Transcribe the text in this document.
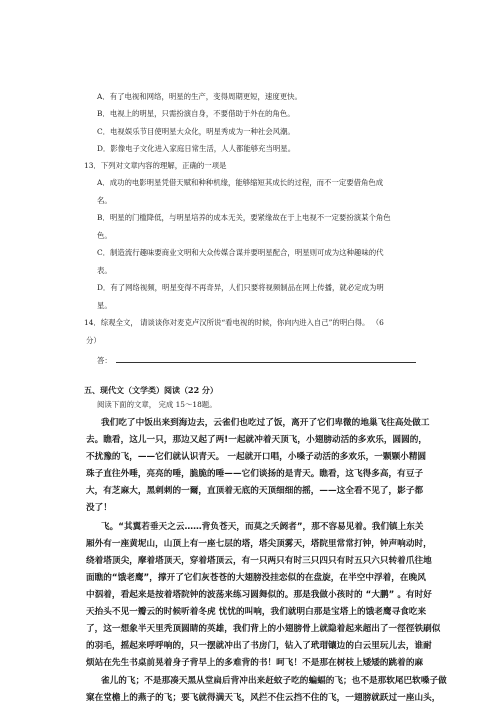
A．有了电视和网络，明星的生产，变得周期更短，速度更快。
B．电视上的明星，只需扮演自身，不要借助于外在的角色。
C．电视娱乐节目使明星大众化，明星秀成为一种社会风潮。
D．影像电子文化进入家庭日常生活，人人都能够充当明星。
13．下列对文章内容的理解，正确的一项是
A．成功的电影明星凭借天赋和种种机缘，能够缩短其成长的过程，而不一定要借角色成
名。
B．明星的门槛降低，与明星培养的成本无关，要紧缘故在于上电视不一定要扮演某个角色
色。
C．制造流行趣味要商业文明和大众传媒合谋并要明星配合，明星则可成为这种趣味的代
表。
D．有了网络视频，明星变得不再奇异，人们只要将视频制品在网上传播，就必定成为明
星。
14．综观全文， 请谈谈你对麦克卢汉所说“看电视的时候，你向内进入自己”的明白得。 （6
分）
答：
五、现代文（文学类）阅读（22 分）
阅读下面的文章， 完成 15～18题。
我们吃了中饭出来到海边去，云雀们也吃过了饭，离开了它们卑微的地巢飞往高处做工
去。瞧看，这儿一只，那边又起了两!一起就冲着天顶飞，小翅膀动活的多欢乐，圆圆的，
不扰豫的飞，——它们就认识青天。 一起就开口唱，小嗓子动活的多欢乐，一颗颗小精圆
珠子直往外唾，亮亮的唾，脆脆的唾——它们谈扬的是青天。瞧看，这飞得多高，有豆子
大，有芝麻大，黑刺刺的一爾，直顶着无底的天顶细细的摇，——这全看不见了，影子都
没了！
飞。“其翼若垂天之云……背负苍天，而莫之夭阏者”，那不容易见着。我们镇上东关
厢外有一座黄坭山，山顶上有一座七层的塔，塔尖顶雾天，塔院里常常打钟，钟声响动时，
绕着塔顶尖，摩着塔顶天，穿着塔顶云，有一只两只有时三只四只有时五只六只转着爪往地
面瞧的“饿老鹰”，撑开了它们灰苍苍的大翅膀没挂恋似的在盘旋，在半空中浮着，在晚风
中泅着，看起来是按着塔院钟的波荡来练习圆舞似的。那是我做小孩时的 “大鹏” 。有时好
天抬头不见一瓣云的时候听着冬虎 忧忧的叫响，我们就明白那是宝塔上的饿老鹰寻食吃来
了，这一想象半天里秃顶圆睛的英雄，我们背上的小翅膀骨上就隐着起来超出了一徑徑铁刷似
的羽毛，摇起来呼呼响的，只一摆就冲出了书房门，钻入了玳瑁镶边的白云里玩儿去，谁耐
烦站在先生书桌前晃着身子背早上的多难背的书！呵飞！不是那在树枝上矮矮的跳着的麻
雀儿的飞；不是那凑天黑从堂扁后背冲出来赶蚊子吃的蝙蝠的飞；也不是那软尾巴软嗓子做
窠在堂檐上的燕子的飞；要飞就得满天飞，风拦不住云挡不住的飞，一翅膀就跃过一座山头，
